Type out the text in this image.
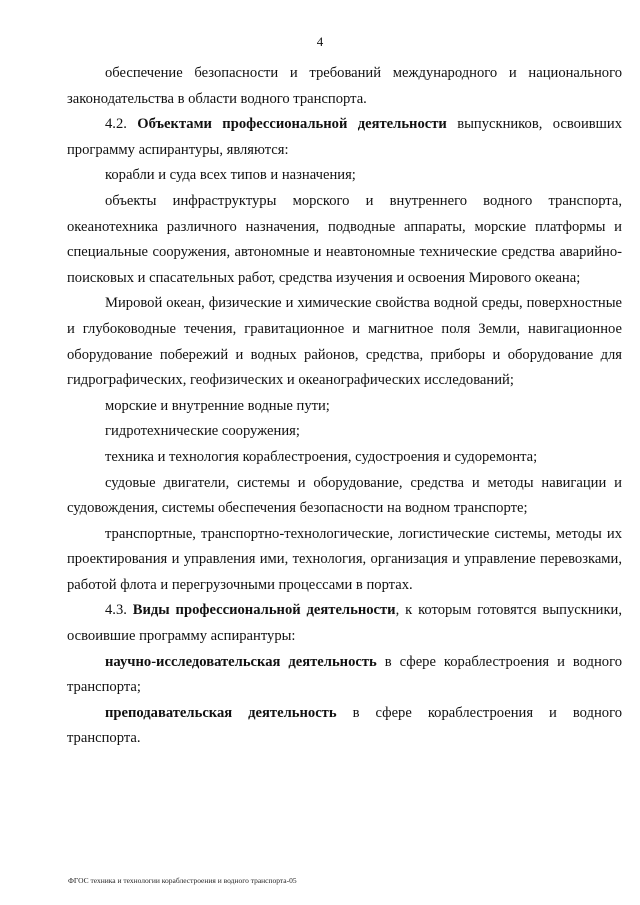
4

обеспечение безопасности и требований международного и национального законодательства в области водного транспорта.

4.2. Объектами профессиональной деятельности выпускников, освоивших программу аспирантуры, являются:

корабли и суда всех типов и назначения;

объекты инфраструктуры морского и внутреннего водного транспорта, океанотехника различного назначения, подводные аппараты, морские платформы и специальные сооружения, автономные и неавтономные технические средства аварийно-поисковых и спасательных работ, средства изучения и освоения Мирового океана;

Мировой океан, физические и химические свойства водной среды, поверхностные и глубоководные течения, гравитационное и магнитное поля Земли, навигационное оборудование побережий и водных районов, средства, приборы и оборудование для гидрографических, геофизических и океанографических исследований;

морские и внутренние водные пути;

гидротехнические сооружения;

техника и технология кораблестроения, судостроения и судоремонта;

судовые двигатели, системы и оборудование, средства и методы навигации и судовождения, системы обеспечения безопасности на водном транспорте;

транспортные, транспортно-технологические, логистические системы, методы их проектирования и управления ими, технология, организация и управление перевозками, работой флота и перегрузочными процессами в портах.

4.3. Виды профессиональной деятельности, к которым готовятся выпускники, освоившие программу аспирантуры:

научно-исследовательская деятельность в сфере кораблестроения и водного транспорта;

преподавательская деятельность в сфере кораблестроения и водного транспорта.

ФГОС техника и технологии кораблестроения и водного транспорта-05
